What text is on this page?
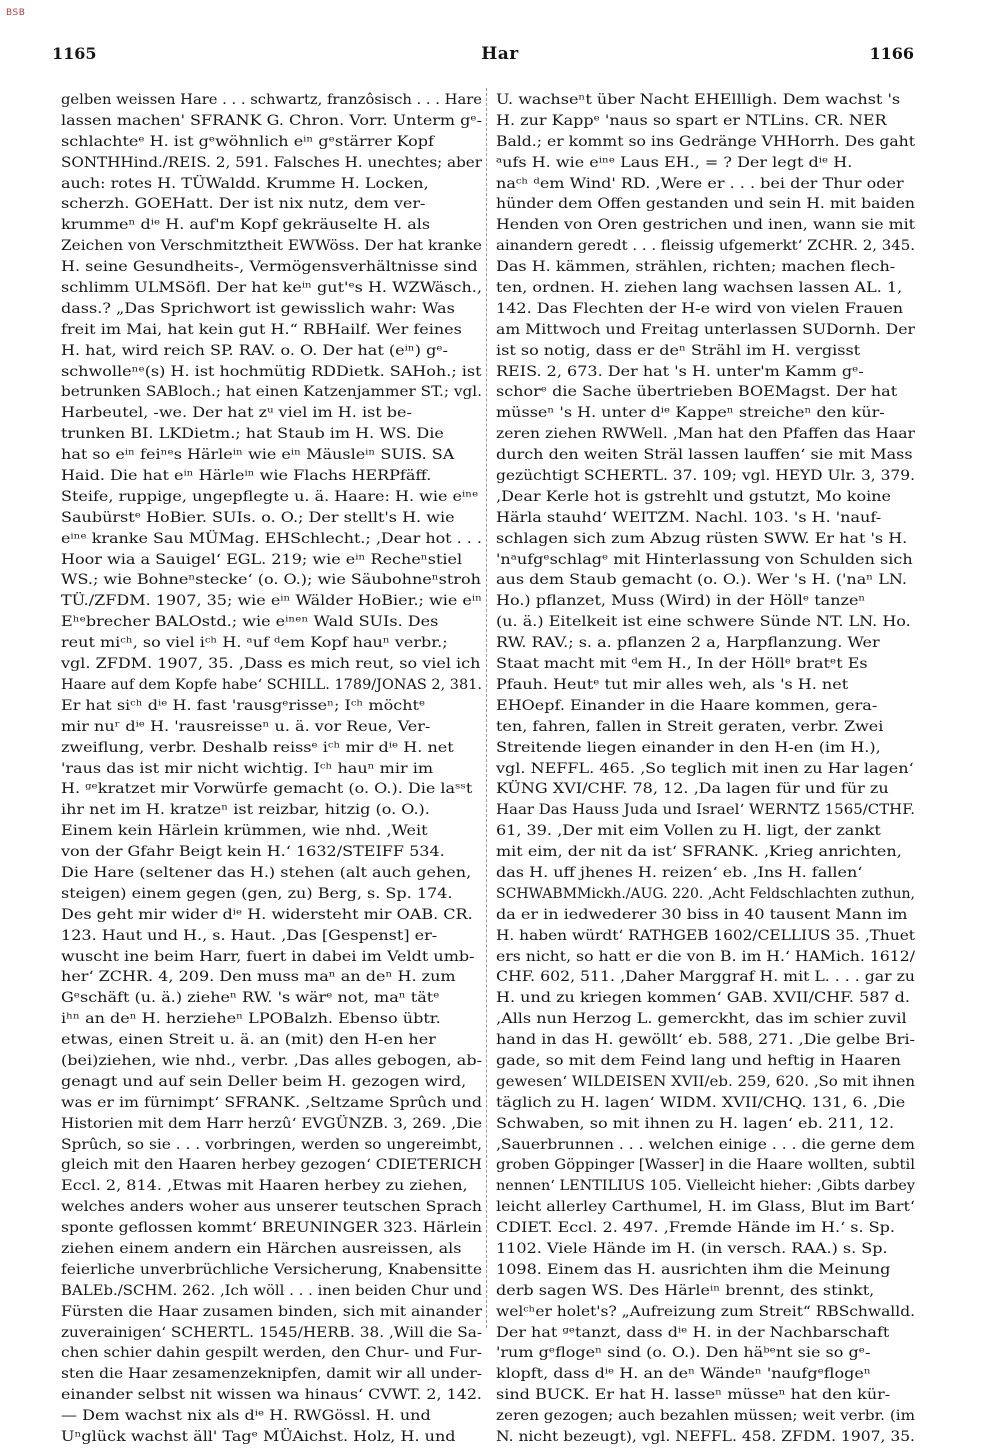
BSB
1165	Har	1166
gelben weissen Hare . . . schwartz, franzôsisch . . . Hare
lassen machen' SFRANK G. Chron. Vorr. Unterm gᵉ-
schlachteᵉ H. ist gᵉwöhnlich eⁱⁿ gᵉstärrer Kopf
SONTHHind./REIS. 2, 591. Falsches H. unechtes; aber
auch: rotes H. TÜWaldd. Krumme H. Locken,
scherzh. GOEHatt. Der ist nix nutz, dem ver-
krummeⁿ dⁱᵉ H. auf'm Kopf gekräuselte H. als
Zeichen von Verschmitztheit EWWöss. Der hat kranke
H. seine Gesundheits-, Vermögensverhältnisse sind
schlimm ULMSöfl. Der hat keⁱⁿ gut'ᵉs H. WZWäsch.,
dass.? „Das Sprichwort ist gewisslich wahr: Was
freit im Mai, hat kein gut H.“ RBHailf. Wer feines
H. hat, wird reich SP. RAV. o. O. Der hat (eⁱⁿ) gᵉ-
schwolleⁿᵉ(s) H. ist hochmütig RDDietk. SAHoh.; ist
betrunken SABloch.; hat einen Katzenjammer ST.; vgl.
Harbeutel, -we. Der hat zᵘ viel im H. ist be-
trunken BI. LKDietm.; hat Staub im H. WS. Die
hat so eⁱⁿ feiⁿᵉs Härleⁱⁿ wie eⁱⁿ Mäusleⁱⁿ SUIS. SA
Haid. Die hat eⁱⁿ Härleⁱⁿ wie Flachs HERPfäff.
Steife, ruppige, ungepflegte u. ä. Haare: H. wie eⁱⁿᵉ
Saubürstᵉ HoBier. SUIs. o. O.; Der stellt's H. wie
eⁱⁿᵉ kranke Sau MÜMag. EHSchlecht.; ‚Dear hot . . .
Hoor wia a Sauigel‘ EGL. 219; wie eⁱⁿ Recheⁿstiel
WS.; wie Bohneⁿstecke‘ (o. O.); wie Säubohneⁿstroh
TÜ./ZFDM. 1907, 35; wie eⁱⁿ Wälder HoBier.; wie eⁱⁿ
Eʰᵉbrecher BALOstd.; wie eⁱⁿᵉⁿ Wald SUIs. Des
reut miᶜʰ, so viel iᶜʰ H. ᵃuf ᵈem Kopf hauⁿ verbr.;
vgl. ZFDM. 1907, 35. ‚Dass es mich reut, so viel ich
Haare auf dem Kopfe habe‘ SCHILL. 1789/JONAS 2, 381.
Er hat siᶜʰ dⁱᵉ H. fast 'rausgᵉrisseⁿ; Iᶜʰ möchtᵉ
mir nuʳ dⁱᵉ H. 'rausreisseⁿ u. ä. vor Reue, Ver-
zweiflung, verbr. Deshalb reissᵉ iᶜʰ mir dⁱᵉ H. net
'raus das ist mir nicht wichtig. Iᶜʰ hauⁿ mir im
H. ᵍᵉkratzet mir Vorwürfe gemacht (o. O.). Die laˢˢt
ihr net im H. kratzeⁿ ist reizbar, hitzig (o. O.).
Einem kein Härlein krümmen, wie nhd. ‚Weit
von der Gfahr Beigt kein H.‘ 1632/STEIFF 534.
Die Hare (seltener das H.) stehen (alt auch gehen,
steigen) einem gegen (gen, zu) Berg, s. Sp. 174.
Des geht mir wider dⁱᵉ H. widersteht mir OAB. CR.
123. Haut und H., s. Haut. ‚Das [Gespenst] er-
wuscht ine beim Harr, fuert in dabei im Veldt umb-
her‘ ZCHR. 4, 209. Den muss maⁿ an deⁿ H. zum
Gᵉschäft (u. ä.) zieheⁿ RW. 's wärᵉ not, maⁿ tätᵉ
iʰⁿ an deⁿ H. herzieheⁿ LPOBalzh. Ebenso übtr.
etwas, einen Streit u. ä. an (mit) den H-en her
(bei)ziehen, wie nhd., verbr. ‚Das alles gebogen, ab-
genagt und auf sein Deller beim H. gezogen wird,
was er im fürnimpt‘ SFRANK. ‚Seltzame Sprûch und
Historien mit dem Harr herzû‘ EVGÜNZB. 3, 269. ‚Die
Sprûch, so sie . . . vorbringen, werden so ungereimbt,
gleich mit den Haaren herbey gezogen‘ CDIETERICH
Eccl. 2, 814. ‚Etwas mit Haaren herbey zu ziehen,
welches anders woher aus unserer teutschen Sprach
sponte geflossen kommt‘ BREUNINGER 323. Härlein
ziehen einem andern ein Härchen ausreissen, als
feierliche unverbrüchliche Versicherung, Knabensitte
BALEb./SCHM. 262. ‚Ich wöll . . . inen beiden Chur und
Fürsten die Haar zusamen binden, sich mit ainander
zuverainigen‘ SCHERTL. 1545/HERB. 38. ‚Will die Sa-
chen schier dahin gespilt werden, den Chur- und Fur-
sten die Haar zesamenzeknipfen, damit wir all under-
einander selbst nit wissen wa hinaus‘ CVWT. 2, 142.
— Dem wachst nix als dⁱᵉ H. RWGössl. H. und
Uⁿglück wachst äll' Tagᵉ MÜAichst. Holz, H. und
U. wachseⁿt über Nacht EHEllligh. Dem wachst 's
H. zur Kappᵉ 'naus so spart er NTLins. CR. NER
Bald.; er kommt so ins Gedränge VHHorrh. Des gaht
ᵃufs H. wie eⁱⁿᵉ Laus EH., = ? Der legt dⁱᵉ H.
naᶜʰ ᵈem Wind' RD. ‚Were er . . . bei der Thur oder
hünder dem Offen gestanden und sein H. mit baiden
Henden von Oren gestrichen und inen, wann sie mit
ainandern geredt . . . fleissig ufgemerkt‘ ZCHR. 2, 345.
Das H. kämmen, strählen, richten; machen flech-
ten, ordnen. H. ziehen lang wachsen lassen AL. 1,
142. Das Flechten der H-e wird von vielen Frauen
am Mittwoch und Freitag unterlassen SUDornh. Der
ist so notig, dass er deⁿ Strähl im H. vergisst
REIS. 2, 673. Der hat 's H. unter'm Kamm gᵉ-
schorᵉ die Sache übertrieben BOEMagst. Der hat
müsseⁿ 's H. unter dⁱᵉ Kappeⁿ streicheⁿ den kür-
zeren ziehen RWWell. ‚Man hat den Pfaffen das Haar
durch den weiten Sträl lassen lauffen‘ sie mit Mass
gezüchtigt SCHERTL. 37. 109; vgl. HEYD Ulr. 3, 379.
‚Dear Kerle hot is gstrehlt und gstutzt, Mo koine
Härla stauhd‘ WEITZM. Nachl. 103. 's H. 'nauf-
schlagen sich zum Abzug rüsten SWW. Er hat 's H.
'nᵃufgᵉschlagᵉ mit Hinterlassung von Schulden sich
aus dem Staub gemacht (o. O.). Wer 's H. ('naⁿ LN.
Ho.) pflanzet, Muss (Wird) in der Höllᵉ tanzeⁿ
(u. ä.) Eitelkeit ist eine schwere Sünde NT. LN. Ho.
RW. RAV.; s. a. pflanzen 2 a, Harpflanzung. Wer
Staat macht mit ᵈem H., In der Höllᵉ bratᵉt Es
Pfauh. Heutᵉ tut mir alles weh, als 's H. net
EHOepf. Einander in die Haare kommen, gera-
ten, fahren, fallen in Streit geraten, verbr. Zwei
Streitende liegen einander in den H-en (im H.),
vgl. NEFFL. 465. ‚So teglich mit inen zu Har lagen‘
KÜNG XVI/CHF. 78, 12. ‚Da lagen für und für zu
Haar Das Hauss Juda und Israel‘ WERNTZ 1565/CTHF.
61, 39. ‚Der mit eim Vollen zu H. ligt, der zankt
mit eim, der nit da ist‘ SFRANK. ‚Krieg anrichten,
das H. uff jhenes H. reizen‘ eb. ‚Ins H. fallen‘
SCHWABMMickh./AUG. 220. ‚Acht Feldschlachten zuthun,
da er in iedwederer 30 biss in 40 tausent Mann im
H. haben würdt‘ RATHGEB 1602/CELLIUS 35. ‚Thuet
ers nicht, so hatt er die von B. im H.‘ HAMich. 1612/
CHF. 602, 511. ‚Daher Marggraf H. mit L. . . . gar zu
H. und zu kriegen kommen‘ GAB. XVII/CHF. 587 d.
‚Alls nun Herzog L. gemerckht, das im schier zuvil
hand in das H. gewöllt‘ eb. 588, 271. ‚Die gelbe Bri-
gade, so mit dem Feind lang und heftig in Haaren
gewesen‘ WILDEISEN XVII/eb. 259, 620. ‚So mit ihnen
täglich zu H. lagen‘ WIDM. XVII/CHQ. 131, 6. ‚Die
Schwaben, so mit ihnen zu H. lagen‘ eb. 211, 12.
‚Sauerbrunnen . . . welchen einige . . . die gerne dem
groben Göppinger [Wasser] in die Haare wollten, subtil
nennen‘ LENTILIUS 105. Vielleicht hieher: ‚Gibts darbey
leicht allerley Carthumel, H. im Glass, Blut im Bart‘
CDIET. Eccl. 2. 497. ‚Fremde Hände im H.‘ s. Sp.
1102. Viele Hände im H. (in versch. RAA.) s. Sp.
1098. Einem das H. ausrichten ihm die Meinung
derb sagen WS. Des Härleⁱⁿ brennt, des stinkt,
welᶜʰer holet's? „Aufreizung zum Streit“ RBSchwalld.
Der hat ᵍᵉtanzt, dass dⁱᵉ H. in der Nachbarschaft
'rum gᵉflogeⁿ sind (o. O.). Den häᵇᵉnt sie so gᵉ-
klopft, dass dⁱᵉ H. an deⁿ Wändeⁿ 'naufgᵉflogeⁿ
sind BUCK. Er hat H. lasseⁿ müsseⁿ hat den kür-
zeren gezogen; auch bezahlen müssen; weit verbr. (im
N. nicht bezeugt), vgl. NEFFL. 458. ZFDM. 1907, 35.
